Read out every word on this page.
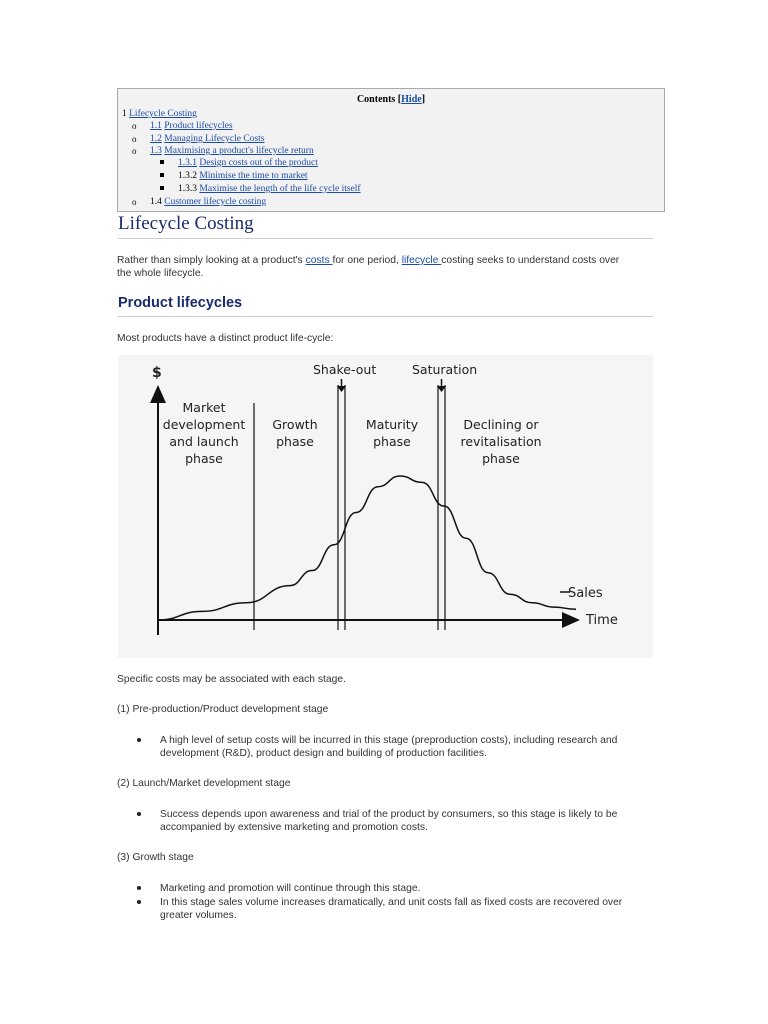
Contents [Hide]
1 Lifecycle Costing
o 1.1 Product lifecycles
o 1.2 Managing Lifecycle Costs
o 1.3 Maximising a product's lifecycle return
1.3.1 Design costs out of the product
1.3.2 Minimise the time to market
1.3.3 Maximise the length of the life cycle itself
o 1.4 Customer lifecycle costing
Lifecycle Costing
Rather than simply looking at a product's costs for one period, lifecycle costing seeks to understand costs over
the whole lifecycle.
Product lifecycles
Most products have a distinct product life-cycle:
$
Time
Shake-out	Saturation
Market
development
and launch
phase
Growth
phase
Maturity
phase
Declining or
revitalisation
phase
Sales
Specific costs may be associated with each stage.
(1) Pre-production/Product development stage
A high level of setup costs will be incurred in this stage (preproduction costs), including research and
development (R&D), product design and building of production facilities.
(2) Launch/Market development stage
Success depends upon awareness and trial of the product by consumers, so this stage is likely to be
accompanied by extensive marketing and promotion costs.
(3) Growth stage
Marketing and promotion will continue through this stage.
In this stage sales volume increases dramatically, and unit costs fall as fixed costs are recovered over
greater volumes.
